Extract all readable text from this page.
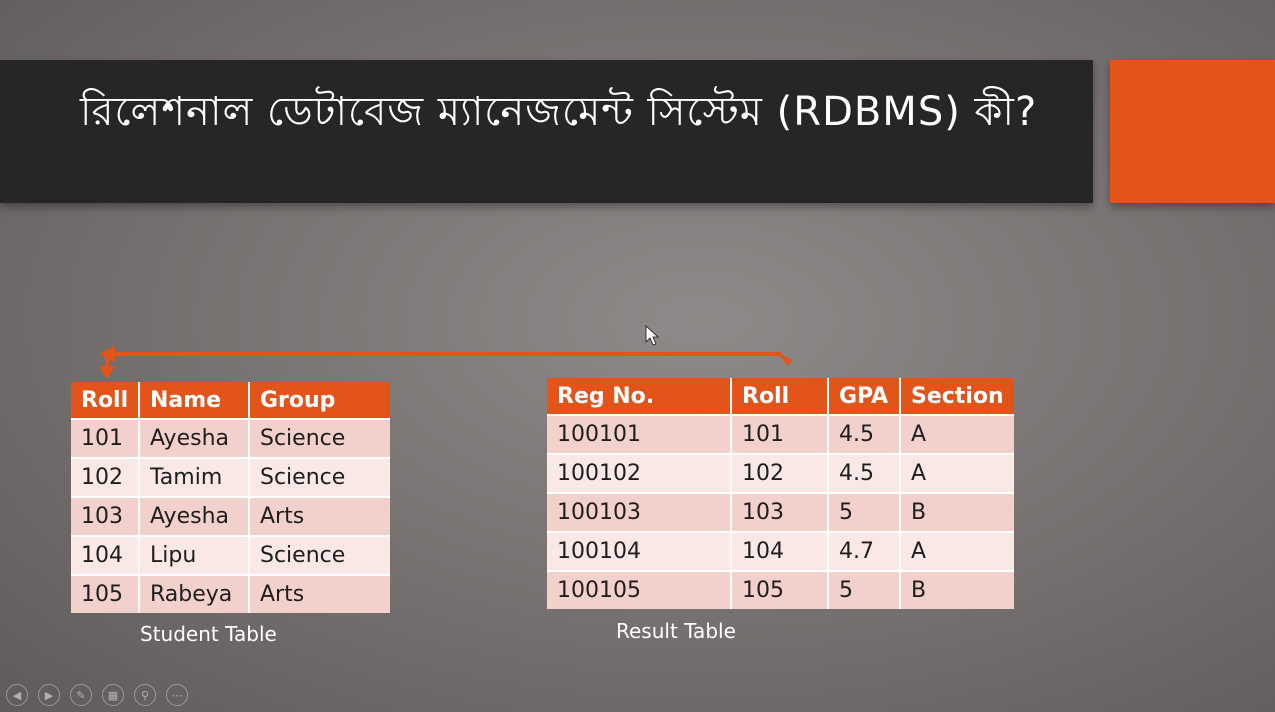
রিলেশনাল ডেটাবেজ ম্যানেজমেন্ট সিস্টেম (RDBMS) কী?
Roll	Name	Group
101	Ayesha	Science
102	Tamim	Science
103	Ayesha	Arts
104	Lipu	Science
105	Rabeya	Arts
Student Table
Reg No.	Roll	GPA	Section
100101	101	4.5	A
100102	102	4.5	A
100103	103	5	B
100104	104	4.7	A
100105	105	5	B
Result Table
◀	▶	✎	▦	⚲	⋯
